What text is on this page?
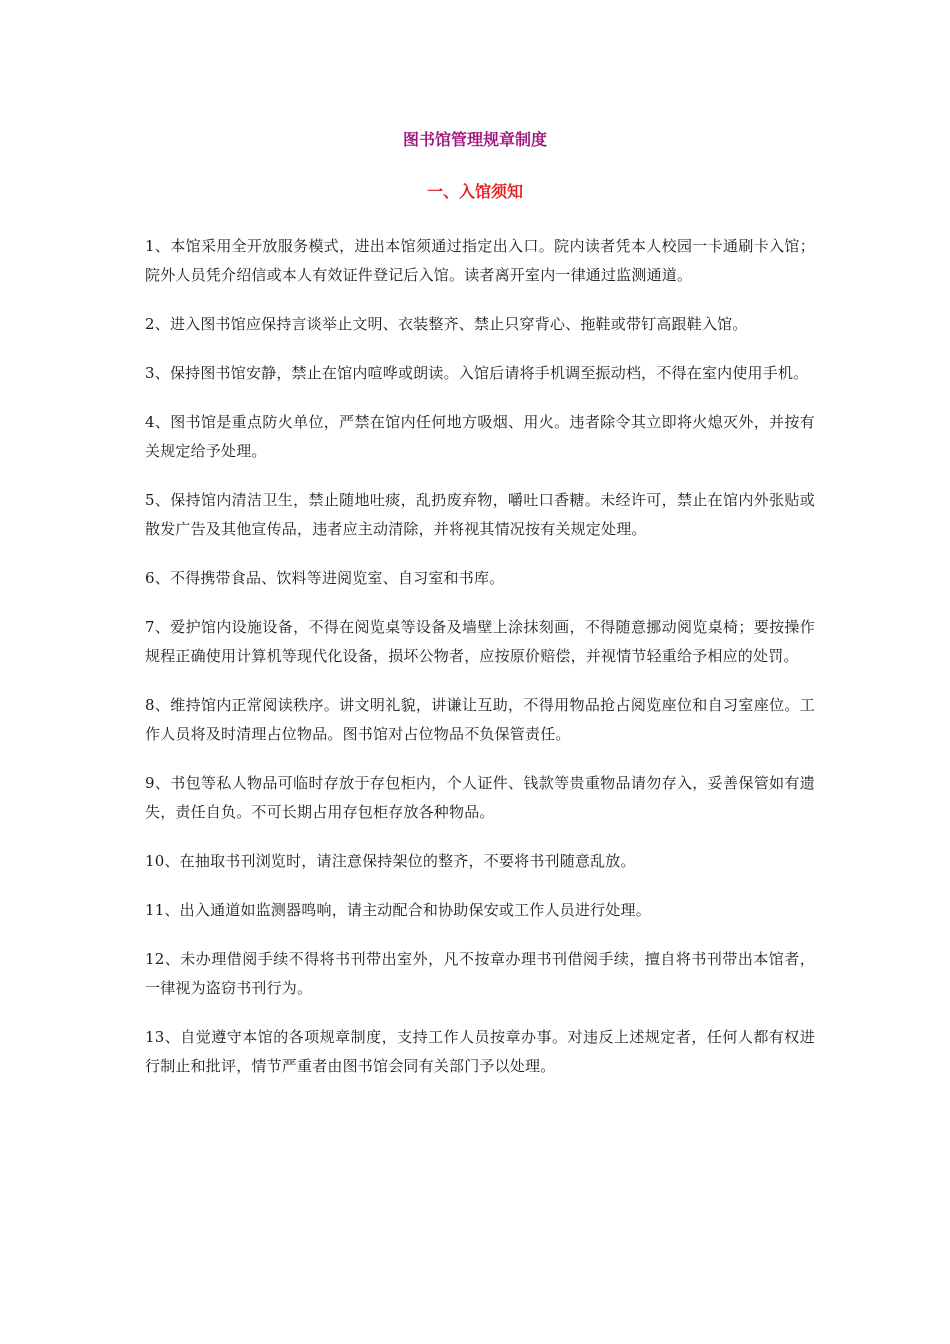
图书馆管理规章制度
一、入馆须知
1、本馆采用全开放服务模式，进出本馆须通过指定出入口。院内读者凭本人校园一卡通刷卡入馆；院外人员凭介绍信或本人有效证件登记后入馆。读者离开室内一律通过监测通道。
2、进入图书馆应保持言谈举止文明、衣装整齐、禁止只穿背心、拖鞋或带钉高跟鞋入馆。
3、保持图书馆安静，禁止在馆内喧哗或朗读。入馆后请将手机调至振动档，不得在室内使用手机。
4、图书馆是重点防火单位，严禁在馆内任何地方吸烟、用火。违者除令其立即将火熄灭外，并按有关规定给予处理。
5、保持馆内清洁卫生，禁止随地吐痰，乱扔废弃物，嚼吐口香糖。未经许可，禁止在馆内外张贴或散发广告及其他宣传品，违者应主动清除，并将视其情况按有关规定处理。
6、不得携带食品、饮料等进阅览室、自习室和书库。
7、爱护馆内设施设备，不得在阅览桌等设备及墙壁上涂抹刻画，不得随意挪动阅览桌椅；要按操作规程正确使用计算机等现代化设备，损坏公物者，应按原价赔偿，并视情节轻重给予相应的处罚。
8、维持馆内正常阅读秩序。讲文明礼貌，讲谦让互助，不得用物品抢占阅览座位和自习室座位。工作人员将及时清理占位物品。图书馆对占位物品不负保管责任。
9、书包等私人物品可临时存放于存包柜内，个人证件、钱款等贵重物品请勿存入，妥善保管如有遗失，责任自负。不可长期占用存包柜存放各种物品。
10、在抽取书刊浏览时，请注意保持架位的整齐，不要将书刊随意乱放。
11、出入通道如监测器鸣响，请主动配合和协助保安或工作人员进行处理。
12、未办理借阅手续不得将书刊带出室外，凡不按章办理书刊借阅手续，擅自将书刊带出本馆者，一律视为盗窃书刊行为。
13、自觉遵守本馆的各项规章制度，支持工作人员按章办事。对违反上述规定者，任何人都有权进行制止和批评，情节严重者由图书馆会同有关部门予以处理。
